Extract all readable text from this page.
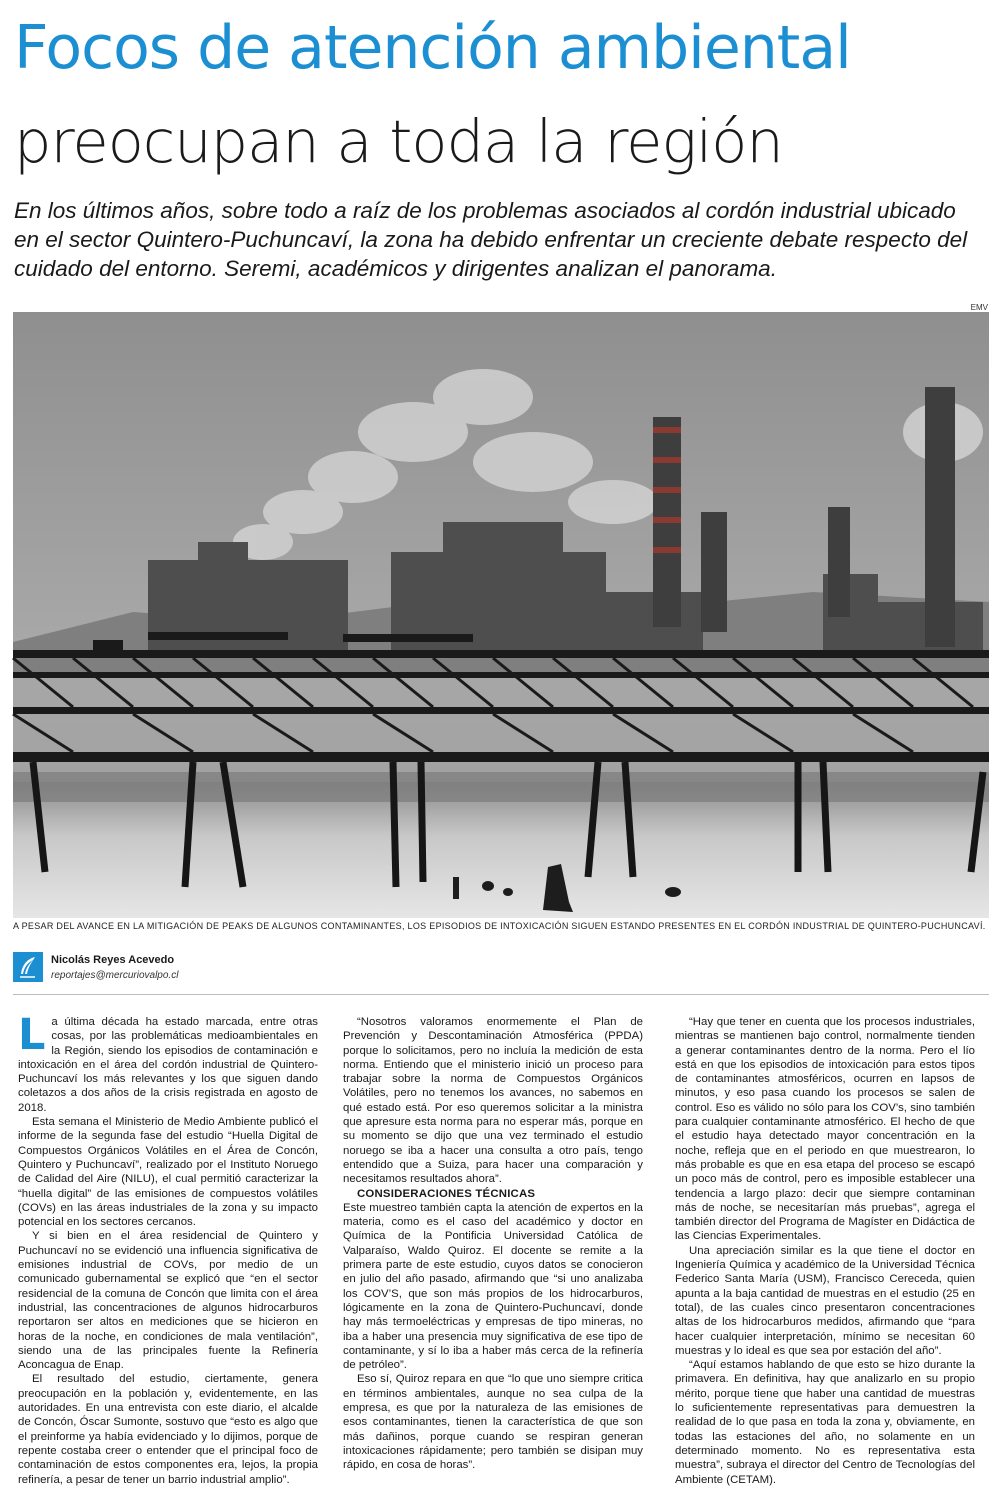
Focos de atención ambiental
preocupan a toda la región
En los últimos años, sobre todo a raíz de los problemas asociados al cordón industrial ubicado en el sector Quintero-Puchuncaví, la zona ha debido enfrentar un creciente debate respecto del cuidado del entorno. Seremi, académicos y dirigentes analizan el panorama.
EMV
A PESAR DEL AVANCE EN LA MITIGACIÓN DE PEAKS DE ALGUNOS CONTAMINANTES, LOS EPISODIOS DE INTOXICACIÓN SIGUEN ESTANDO PRESENTES EN EL CORDÓN INDUSTRIAL DE QUINTERO-PUCHUNCAVÍ.
Nicolás Reyes Acevedo
reportajes@mercuriovalpo.cl

La última década ha estado marcada, entre otras cosas, por las problemáticas medioambientales en la Región, siendo los episodios de contaminación e intoxicación en el área del cordón industrial de Quintero-Puchuncaví los más relevantes y los que siguen dando coletazos a dos años de la crisis registrada en agosto de 2018.

Esta semana el Ministerio de Medio Ambiente publicó el informe de la segunda fase del estudio “Huella Digital de Compuestos Orgánicos Volátiles en el Área de Concón, Quintero y Puchuncaví”, realizado por el Instituto Noruego de Calidad del Aire (NILU), el cual permitió caracterizar la “huella digital” de las emisiones de compuestos volátiles (COVs) en las áreas industriales de la zona y su impacto potencial en los sectores cercanos.

Y si bien en el área residencial de Quintero y Puchuncaví no se evidenció una influencia significativa de emisiones industrial de COVs, por medio de un comunicado gubernamental se explicó que “en el sector residencial de la comuna de Concón que limita con el área industrial, las concentraciones de algunos hidrocarburos reportaron ser altos en mediciones que se hicieron en horas de la noche, en condiciones de mala ventilación”, siendo una de las principales fuente la Refinería Aconcagua de Enap.

El resultado del estudio, ciertamente, genera preocupación en la población y, evidentemente, en las autoridades. En una entrevista con este diario, el alcalde de Concón, Óscar Sumonte, sostuvo que “esto es algo que el preinforme ya había evidenciado y lo dijimos, porque de repente costaba creer o entender que el principal foco de contaminación de estos componentes era, lejos, la propia refinería, a pesar de tener un barrio industrial amplio”.

“Nosotros valoramos enormemente el Plan de Prevención y Descontaminación Atmosférica (PPDA) porque lo solicitamos, pero no incluía la medición de esta norma. Entiendo que el ministerio inició un proceso para trabajar sobre la norma de Compuestos Orgánicos Volátiles, pero no tenemos los avances, no sabemos en qué estado está. Por eso queremos solicitar a la ministra que apresure esta norma para no esperar más, porque en su momento se dijo que una vez terminado el estudio noruego se iba a hacer una consulta a otro país, tengo entendido que a Suiza, para hacer una comparación y necesitamos resultados ahora”.

CONSIDERACIONES TÉCNICAS

Este muestreo también capta la atención de expertos en la materia, como es el caso del académico y doctor en Química de la Pontificia Universidad Católica de Valparaíso, Waldo Quiroz. El docente se remite a la primera parte de este estudio, cuyos datos se conocieron en julio del año pasado, afirmando que “si uno analizaba los COV’S, que son más propios de los hidrocarburos, lógicamente en la zona de Quintero-Puchuncaví, donde hay más termoeléctricas y empresas de tipo mineras, no iba a haber una presencia muy significativa de ese tipo de contaminante, y sí lo iba a haber más cerca de la refinería de petróleo”.

Eso sí, Quiroz repara en que “lo que uno siempre critica en términos ambientales, aunque no sea culpa de la empresa, es que por la naturaleza de las emisiones de esos contaminantes, tienen la característica de que son más dañinos, porque cuando se respiran generan intoxicaciones rápidamente; pero también se disipan muy rápido, en cosa de horas”.

“Hay que tener en cuenta que los procesos industriales, mientras se mantienen bajo control, normalmente tienden a generar contaminantes dentro de la norma. Pero el lío está en que los episodios de intoxicación para estos tipos de contaminantes atmosféricos, ocurren en lapsos de minutos, y eso pasa cuando los procesos se salen de control. Eso es válido no sólo para los COV’s, sino también para cualquier contaminante atmosférico. El hecho de que el estudio haya detectado mayor concentración en la noche, refleja que en el periodo en que muestrearon, lo más probable es que en esa etapa del proceso se escapó un poco más de control, pero es imposible establecer una tendencia a largo plazo: decir que siempre contaminan más de noche, se necesitarían más pruebas”, agrega el también director del Programa de Magíster en Didáctica de las Ciencias Experimentales.

Una apreciación similar es la que tiene el doctor en Ingeniería Química y académico de la Universidad Técnica Federico Santa María (USM), Francisco Cereceda, quien apunta a la baja cantidad de muestras en el estudio (25 en total), de las cuales cinco presentaron concentraciones altas de los hidrocarburos medidos, afirmando que “para hacer cualquier interpretación, mínimo se necesitan 60 muestras y lo ideal es que sea por estación del año”.

“Aquí estamos hablando de que esto se hizo durante la primavera. En definitiva, hay que analizarlo en su propio mérito, porque tiene que haber una cantidad de muestras lo suficientemente representativas para demuestren la realidad de lo que pasa en toda la zona y, obviamente, en todas las estaciones del año, no solamente en un determinado momento. No es representativa esta muestra”, subraya el director del Centro de Tecnologías del Ambiente (CETAM).
